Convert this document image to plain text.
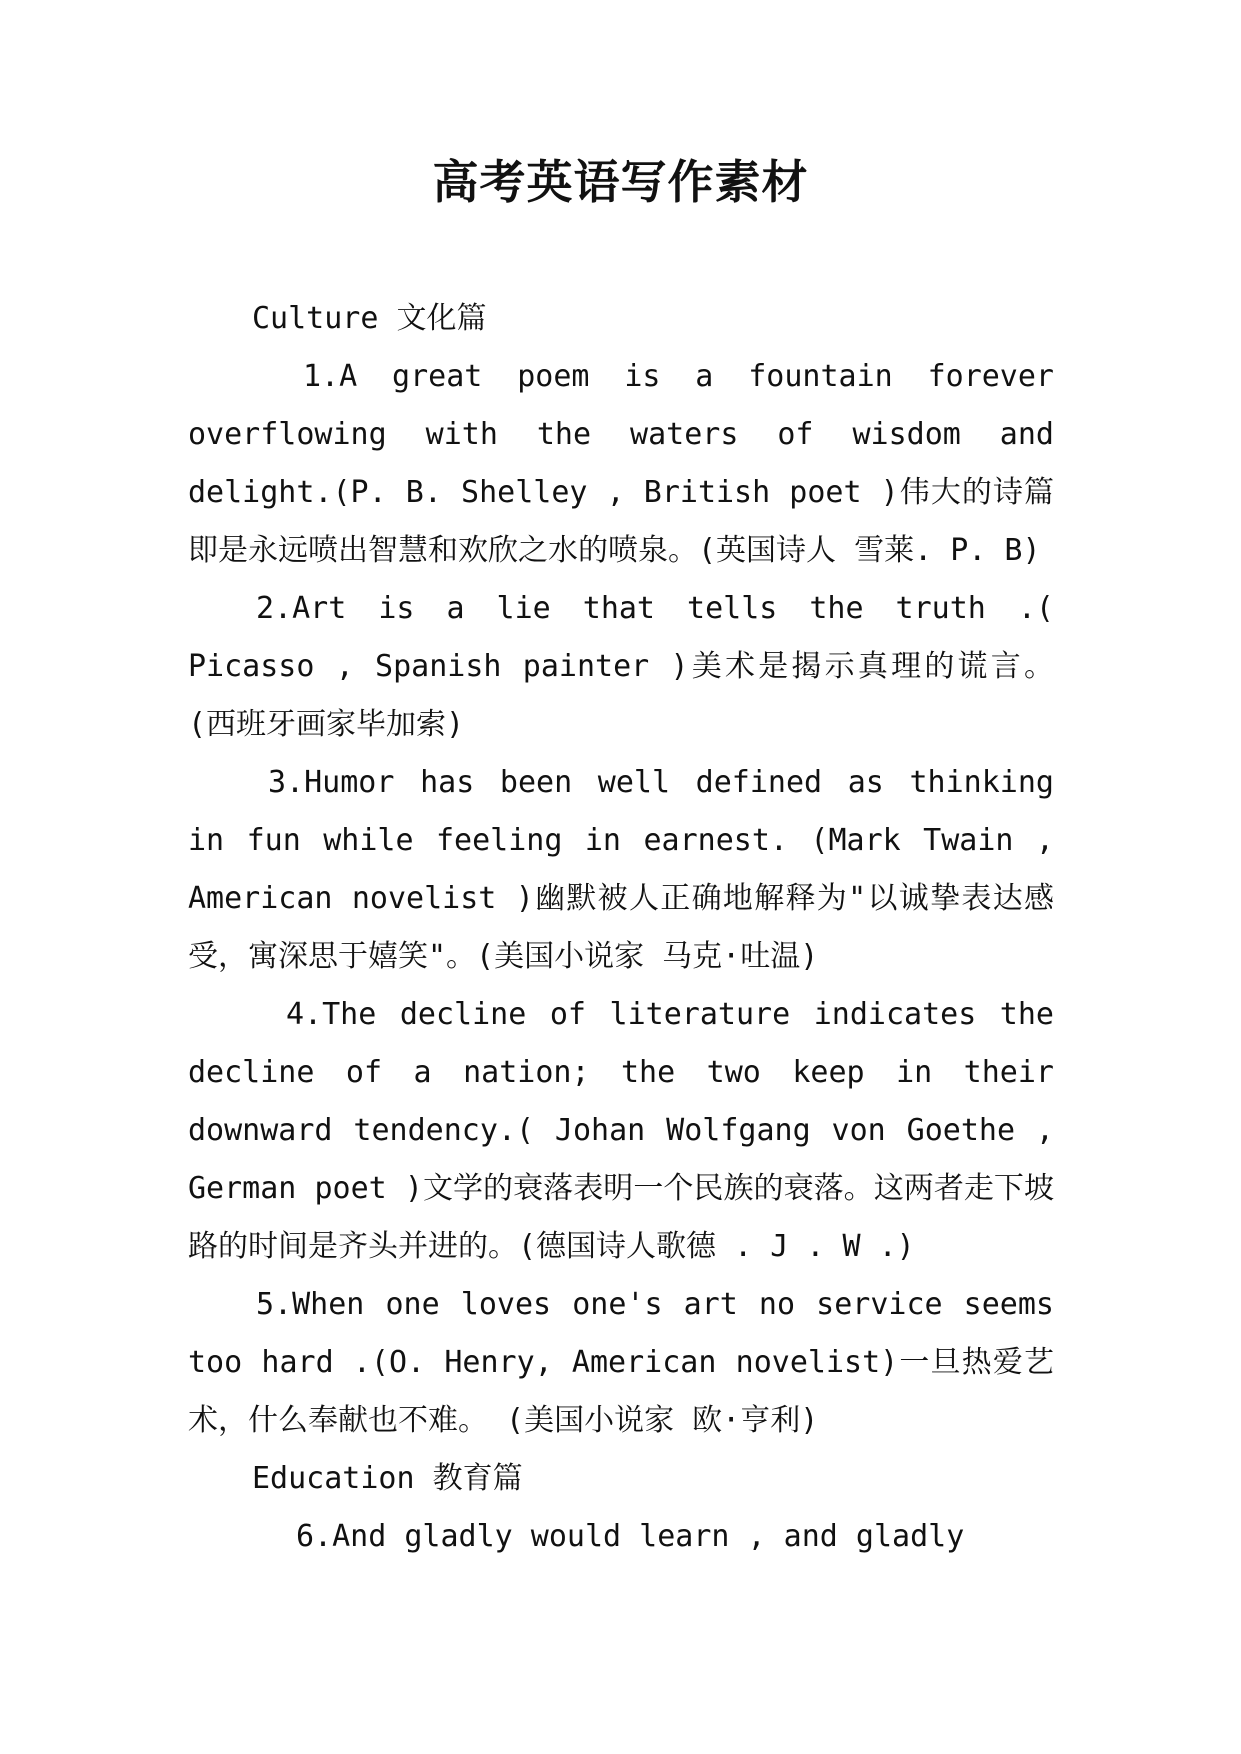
高考英语写作素材

Culture 文化篇

1.A great poem is a fountain forever overflowing with the waters of wisdom and delight.(P. B. Shelley , British poet )伟大的诗篇即是永远喷出智慧和欢欣之水的喷泉。(英国诗人 雪莱. P. B)

2.Art is a lie that tells the truth .( Picasso , Spanish painter )美术是揭示真理的谎言。 (西班牙画家毕加索)

3.Humor has been well defined as thinking in fun while feeling in earnest. (Mark Twain , American novelist )幽默被人正确地解释为"以诚挚表达感受，寓深思于嬉笑"。(美国小说家 马克·吐温)

4.The decline of literature indicates the decline of a nation; the two keep in their downward tendency.( Johan Wolfgang von Goethe , German poet )文学的衰落表明一个民族的衰落。这两者走下坡路的时间是齐头并进的。(德国诗人歌德 . J . W .)

5.When one loves one's art no service seems too hard .(O. Henry, American novelist)一旦热爱艺术，什么奉献也不难。 (美国小说家 欧·亨利)

Education 教育篇

6.And gladly would learn , and gladly
